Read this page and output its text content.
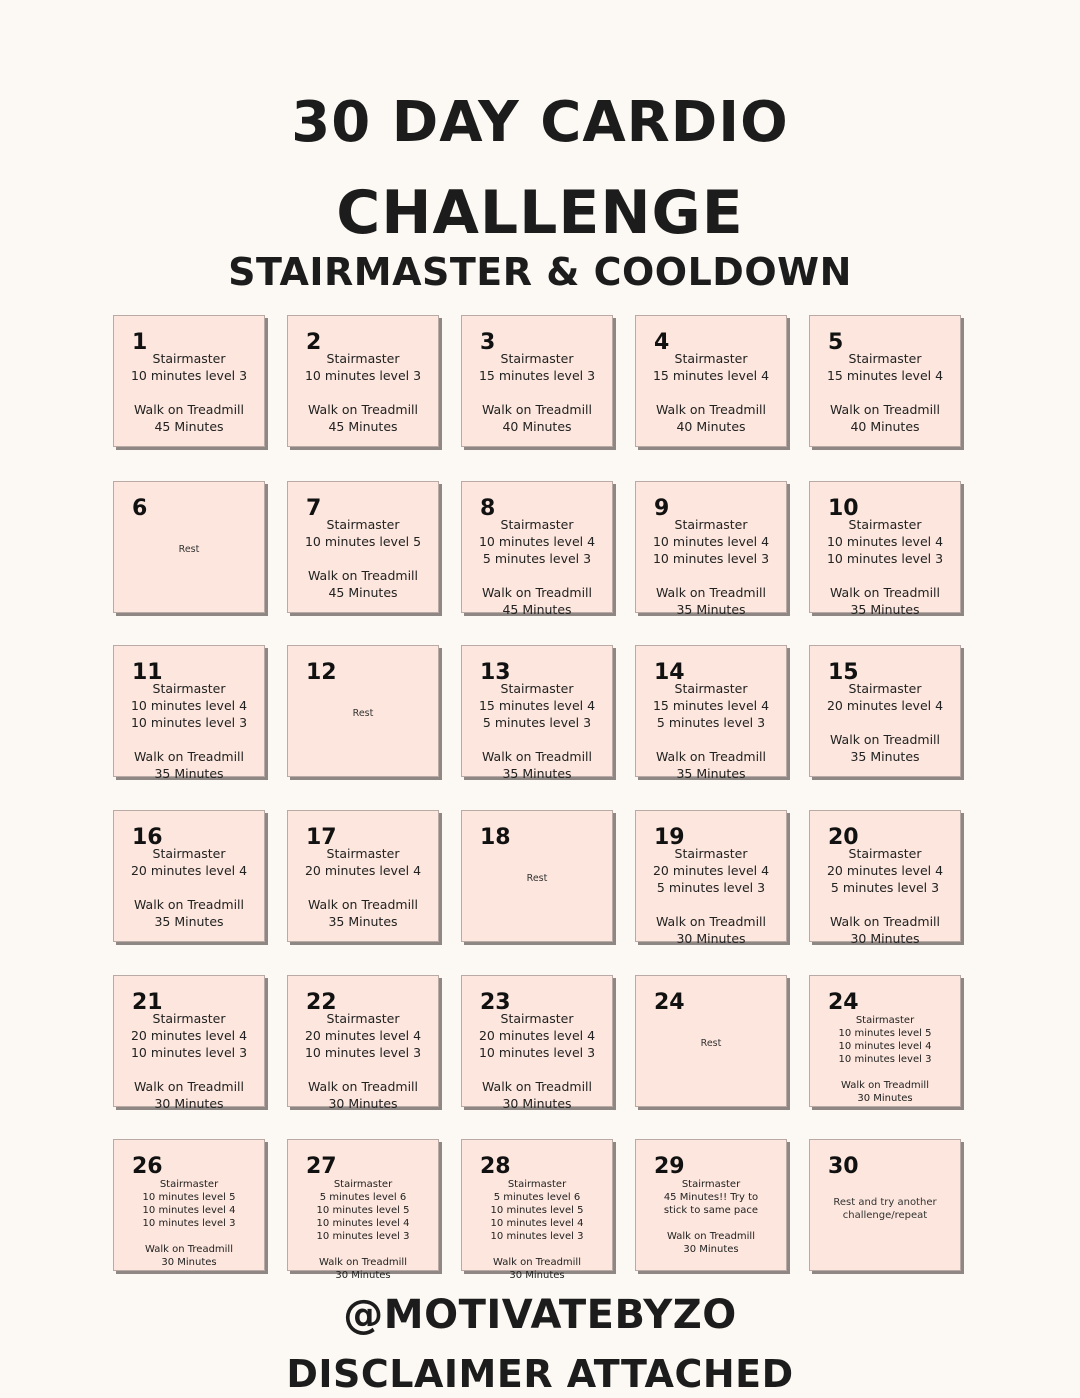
30 DAY CARDIO
CHALLENGE
STAIRMASTER & COOLDOWN
1
Stairmaster
10 minutes level 3
Walk on Treadmill
45 Minutes
2
Stairmaster
10 minutes level 3
Walk on Treadmill
45 Minutes
3
Stairmaster
15 minutes level 3
Walk on Treadmill
40 Minutes
4
Stairmaster
15 minutes level 4
Walk on Treadmill
40 Minutes
5
Stairmaster
15 minutes level 4
Walk on Treadmill
40 Minutes
6
Rest
7
Stairmaster
10 minutes level 5
Walk on Treadmill
45 Minutes
8
Stairmaster
10 minutes level 4
5 minutes level 3
Walk on Treadmill
45 Minutes
9
Stairmaster
10 minutes level 4
10 minutes level 3
Walk on Treadmill
35 Minutes
10
Stairmaster
10 minutes level 4
10 minutes level 3
Walk on Treadmill
35 Minutes
11
Stairmaster
10 minutes level 4
10 minutes level 3
Walk on Treadmill
35 Minutes
12
Rest
13
Stairmaster
15 minutes level 4
5 minutes level 3
Walk on Treadmill
35 Minutes
14
Stairmaster
15 minutes level 4
5 minutes level 3
Walk on Treadmill
35 Minutes
15
Stairmaster
20 minutes level 4
Walk on Treadmill
35 Minutes
16
Stairmaster
20 minutes level 4
Walk on Treadmill
35 Minutes
17
Stairmaster
20 minutes level 4
Walk on Treadmill
35 Minutes
18
Rest
19
Stairmaster
20 minutes level 4
5 minutes level 3
Walk on Treadmill
30 Minutes
20
Stairmaster
20 minutes level 4
5 minutes level 3
Walk on Treadmill
30 Minutes
21
Stairmaster
20 minutes level 4
10 minutes level 3
Walk on Treadmill
30 Minutes
22
Stairmaster
20 minutes level 4
10 minutes level 3
Walk on Treadmill
30 Minutes
23
Stairmaster
20 minutes level 4
10 minutes level 3
Walk on Treadmill
30 Minutes
24
Rest
24
Stairmaster
10 minutes level 5
10 minutes level 4
10 minutes level 3
Walk on Treadmill
30 Minutes
26
Stairmaster
10 minutes level 5
10 minutes level 4
10 minutes level 3
Walk on Treadmill
30 Minutes
27
Stairmaster
5 minutes level 6
10 minutes level 5
10 minutes level 4
10 minutes level 3
Walk on Treadmill
30 Minutes
28
Stairmaster
5 minutes level 6
10 minutes level 5
10 minutes level 4
10 minutes level 3
Walk on Treadmill
30 Minutes
29
Stairmaster
45 Minutes!! Try to
stick to same pace
Walk on Treadmill
30 Minutes
30
Rest and try another challenge/repeat
@MOTIVATEBYZO
DISCLAIMER ATTACHED
